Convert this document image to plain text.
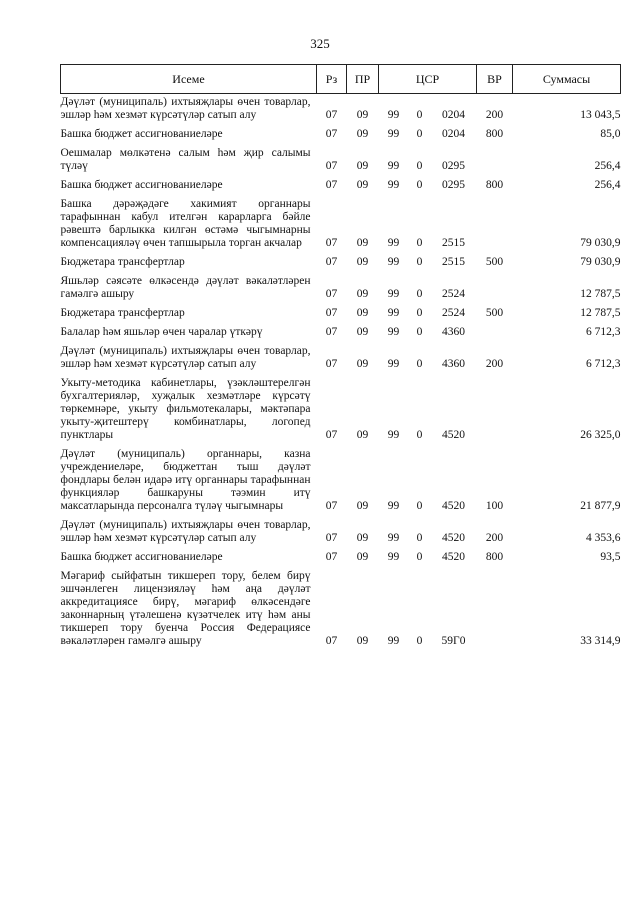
325
Исеме	Рз	ПР	ЦСР			ВР	Суммасы
Дәүләт (муниципаль) ихтыяҗлары өчен товарлар, эшләр һәм хезмәт күрсәтүләр сатып алу	07	09	99	0	0204	200	13 043,5
Башка бюджет ассигнованиеләре	07	09	99	0	0204	800	85,0
Оешмалар мөлкәтенә салым һәм җир салымы түләү	07	09	99	0	0295		256,4
Башка бюджет ассигнованиеләре	07	09	99	0	0295	800	256,4
Башка дәрәҗәдәге хакимият органнары тарафыннан кабул ителгән карарларга бәйле рәвештә барлыкка килгән өстәмә чыгымнарны компенсацияләү өчен тапшырыла торган акчалар	07	09	99	0	2515		79 030,9
Бюджетара трансфертлар	07	09	99	0	2515	500	79 030,9
Яшьләр сәясәте өлкәсендә дәүләт вәкаләтләрен гамәлгә ашыру	07	09	99	0	2524		12 787,5
Бюджетара трансфертлар	07	09	99	0	2524	500	12 787,5
Балалар һәм яшьләр өчен чаралар үткәрү	07	09	99	0	4360		6 712,3
Дәүләт (муниципаль) ихтыяҗлары өчен товарлар, эшләр һәм хезмәт күрсәтүләр сатып алу	07	09	99	0	4360	200	6 712,3
Укыту-методика кабинетлары, үзәкләштерелгән бухгалтерияләр, хуҗалык хезмәтләре күрсәтү төркемнәре, укыту фильмотекалары, мәктәпара укыту-җитештерү комбинатлары, логопед пунктлары	07	09	99	0	4520		26 325,0
Дәүләт (муниципаль) органнары, казна учреждениеләре, бюджеттан тыш дәүләт фондлары белән идарә итү органнары тарафыннан функцияләр башкаруны тәэмин итү максатларында персоналга түләү чыгымнары	07	09	99	0	4520	100	21 877,9
Дәүләт (муниципаль) ихтыяҗлары өчен товарлар, эшләр һәм хезмәт күрсәтүләр сатып алу	07	09	99	0	4520	200	4 353,6
Башка бюджет ассигнованиеләре	07	09	99	0	4520	800	93,5
Мәгариф сыйфатын тикшереп тору, белем бирү эшчәнлеген лицензияләү һәм аңа дәүләт аккредитациясе бирү, мәгариф өлкәсендәге законнарның үтәлешенә күзәтчелек итү һәм аны тикшереп тору буенча Россия Федерациясе вәкаләтләрен гамәлгә ашыру	07	09	99	0	59Г0		33 314,9
